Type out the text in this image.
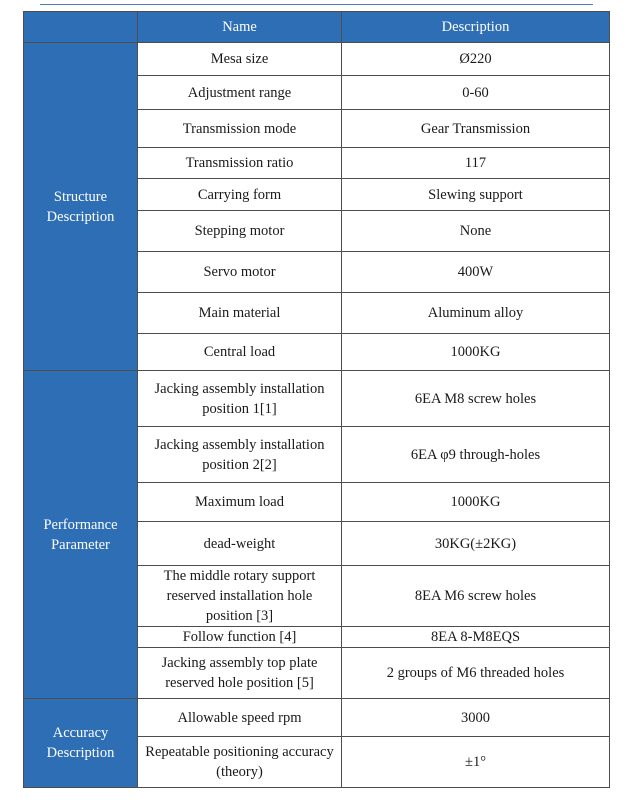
	Name	Description
Structure Description	Mesa size	Ø220
	Adjustment range	0-60
	Transmission mode	Gear Transmission
	Transmission ratio	117
	Carrying form	Slewing support
	Stepping motor	None
	Servo motor	400W
	Main material	Aluminum alloy
	Central load	1000KG
Performance Parameter	Jacking assembly installation position 1[1]	6EA M8 screw holes
	Jacking assembly installation position 2[2]	6EA φ9 through-holes
	Maximum load	1000KG
	dead-weight	30KG(±2KG)
	The middle rotary support reserved installation hole position [3]	8EA M6 screw holes
	Follow function [4]	8EA 8-M8EQS
	Jacking assembly top plate reserved hole position [5]	2 groups of M6 threaded holes
Accuracy Description	Allowable speed rpm	3000
	Repeatable positioning accuracy (theory)	±1°
